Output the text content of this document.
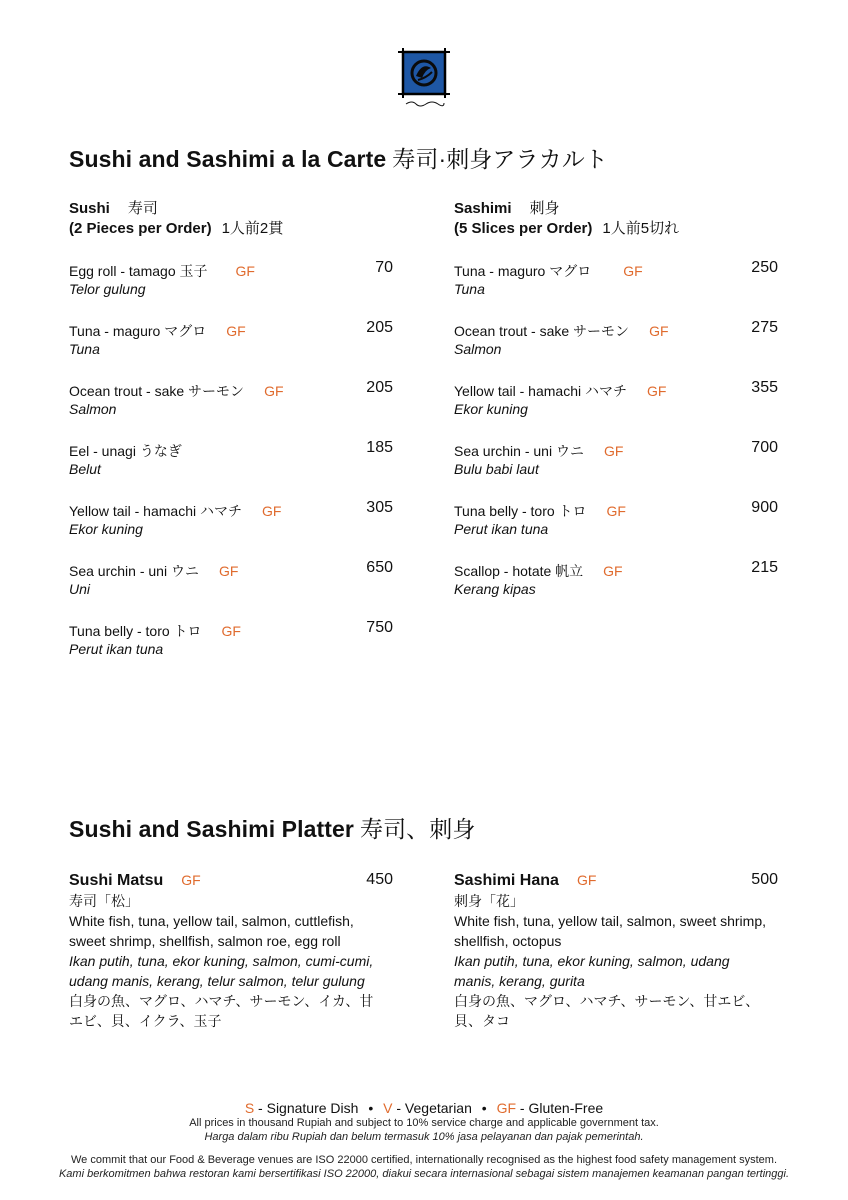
Sushi and Sashimi a la Carte 寿司·刺身アラカルト
Sushi 寿司
(2 Pieces per Order) 1人前2貫
Sashimi 刺身
(5 Slices per Order) 1人前5切れ
Egg roll - tamago 玉子 GF
Telor gulung
70
Tuna - maguro マグロ GF
Tuna
205
Ocean trout - sake サーモン GF
Salmon
205
Eel - unagi うなぎ
Belut
185
Yellow tail - hamachi ハマチ GF
Ekor kuning
305
Sea urchin - uni ウニ GF
Uni
650
Tuna belly - toro トロ GF
Perut ikan tuna
750
Tuna - maguro マグロ GF
Tuna
250
Ocean trout - sake サーモン GF
Salmon
275
Yellow tail - hamachi ハマチ GF
Ekor kuning
355
Sea urchin - uni ウニ GF
Bulu babi laut
700
Tuna belly - toro トロ GF
Perut ikan tuna
900
Scallop - hotate 帆立 GF
Kerang kipas
215
Sushi and Sashimi Platter 寿司、刺身
Sushi Matsu GF	450
寿司「松」
White fish, tuna, yellow tail, salmon, cuttlefish,
sweet shrimp, shellfish, salmon roe, egg roll
Ikan putih, tuna, ekor kuning, salmon, cumi-cumi,
udang manis, kerang, telur salmon, telur gulung
白身の魚、マグロ、ハマチ、サーモン、イカ、甘
エビ、貝、イクラ、玉子
Sashimi Hana GF	500
刺身「花」
White fish, tuna, yellow tail, salmon, sweet shrimp,
shellfish, octopus
Ikan putih, tuna, ekor kuning, salmon, udang
manis, kerang, gurita
白身の魚、マグロ、ハマチ、サーモン、甘エビ、
貝、タコ
S - Signature Dish • V - Vegetarian • GF - Gluten-Free
All prices in thousand Rupiah and subject to 10% service charge and applicable government tax.
Harga dalam ribu Rupiah dan belum termasuk 10% jasa pelayanan dan pajak pemerintah.
We commit that our Food & Beverage venues are ISO 22000 certified, internationally recognised as the highest food safety management system.
Kami berkomitmen bahwa restoran kami bersertifikasi ISO 22000, diakui secara internasional sebagai sistem manajemen keamanan pangan tertinggi.
